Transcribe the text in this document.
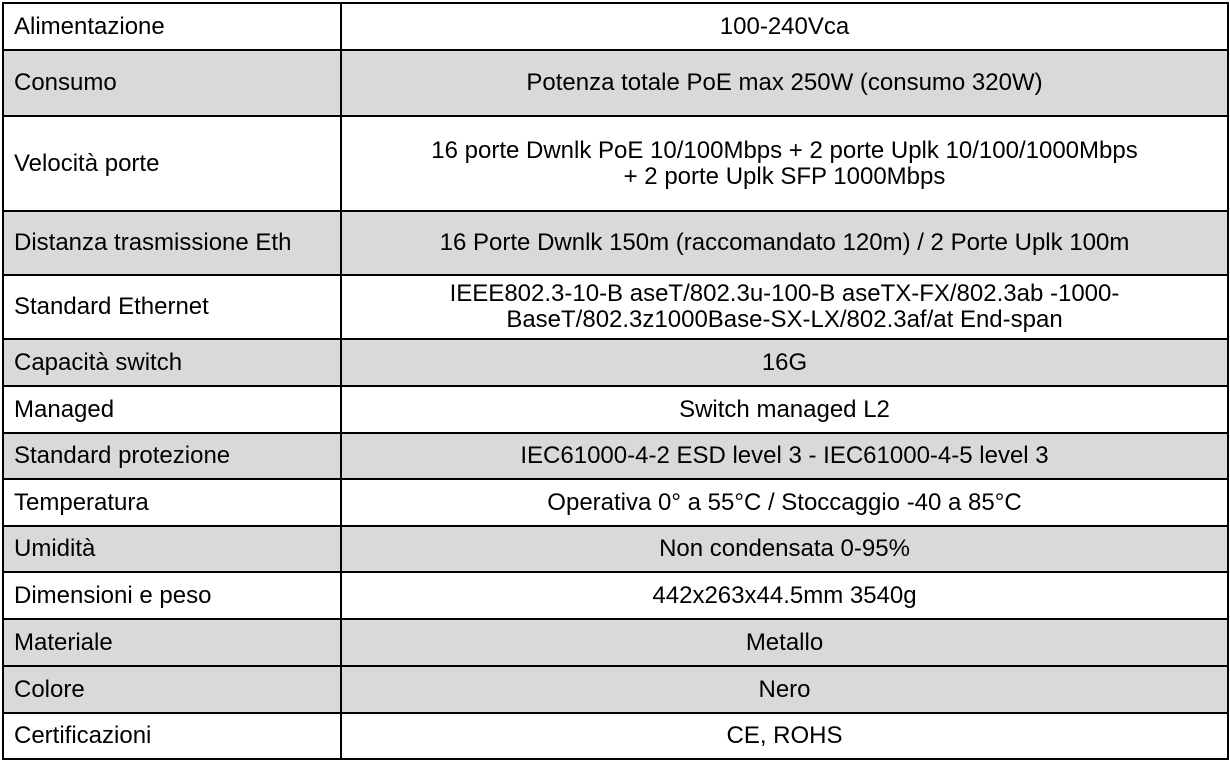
Alimentazione	100-240Vca

Consumo	Potenza totale PoE max 250W (consumo 320W)

Velocità porte	16 porte Dwnlk PoE 10/100Mbps + 2 porte Uplk 10/100/1000Mbps
+ 2 porte Uplk SFP 1000Mbps

Distanza trasmissione Eth	16 Porte Dwnlk 150m (raccomandato 120m) / 2 Porte Uplk 100m

Standard Ethernet	IEEE802.3-10-B aseT/802.3u-100-B aseTX-FX/802.3ab -1000-
BaseT/802.3z1000Base-SX-LX/802.3af/at End-span

Capacità switch	16G

Managed	Switch managed L2

Standard protezione	IEC61000-4-2 ESD level 3 - IEC61000-4-5 level 3

Temperatura	Operativa 0° a 55°C / Stoccaggio -40 a 85°C

Umidità	Non condensata 0-95%

Dimensioni e peso	442x263x44.5mm 3540g

Materiale	Metallo

Colore	Nero

Certificazioni	CE, ROHS
